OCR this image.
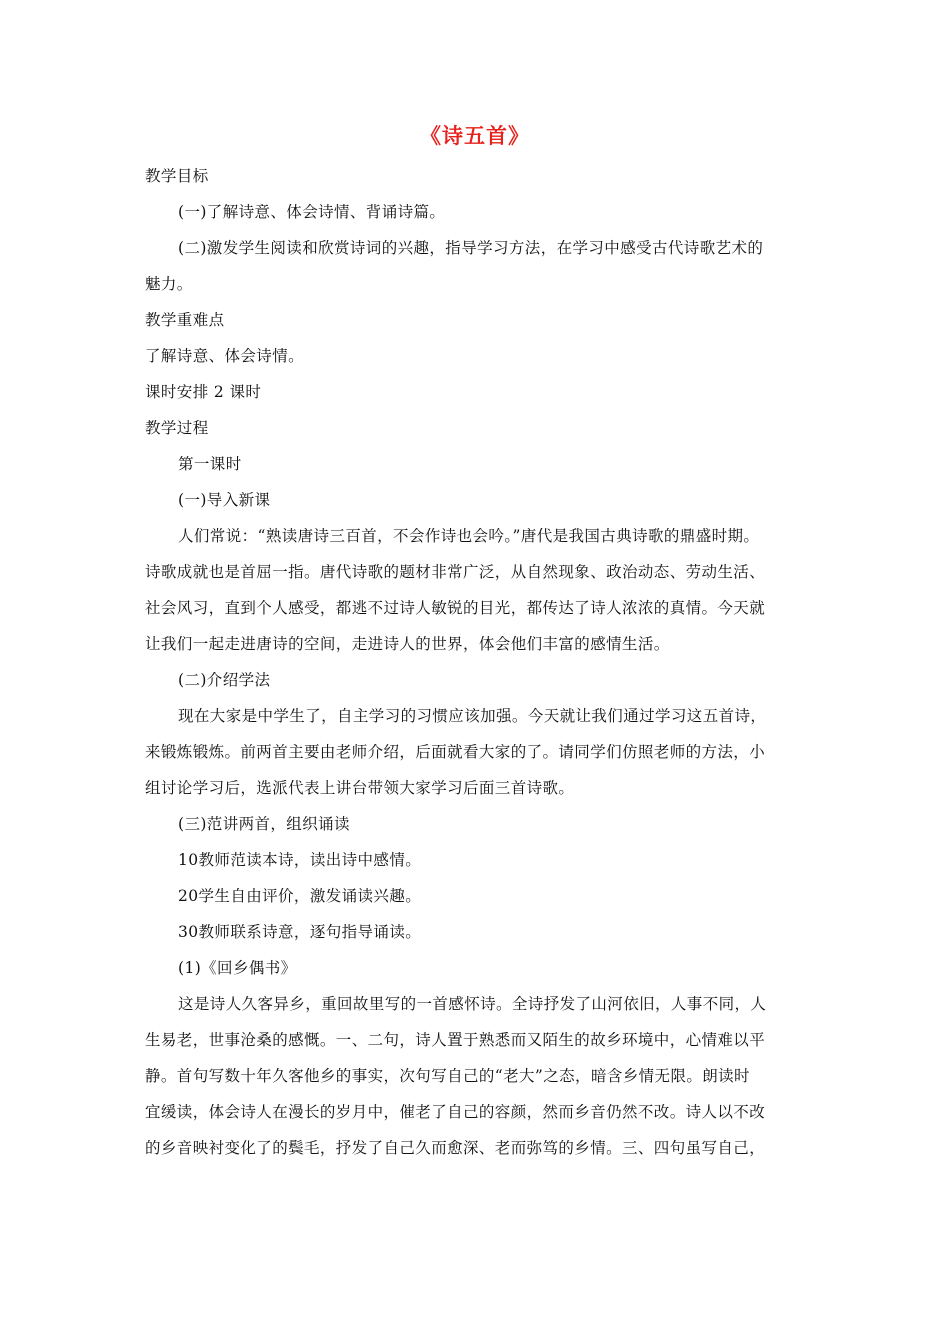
《诗五首》
教学目标
(一)了解诗意、体会诗情、背诵诗篇。
(二)激发学生阅读和欣赏诗词的兴趣，指导学习方法，在学习中感受古代诗歌艺术的
魅力。
教学重难点
了解诗意、体会诗情。
课时安排 2 课时
教学过程
第一课时
(一)导入新课
人们常说：“熟读唐诗三百首，不会作诗也会吟。”唐代是我国古典诗歌的鼎盛时期。
诗歌成就也是首屈一指。唐代诗歌的题材非常广泛，从自然现象、政治动态、劳动生活、
社会风习，直到个人感受，都逃不过诗人敏锐的目光，都传达了诗人浓浓的真情。今天就
让我们一起走进唐诗的空间，走进诗人的世界，体会他们丰富的感情生活。
(二)介绍学法
现在大家是中学生了，自主学习的习惯应该加强。今天就让我们通过学习这五首诗，
来锻炼锻炼。前两首主要由老师介绍，后面就看大家的了。请同学们仿照老师的方法，小
组讨论学习后，选派代表上讲台带领大家学习后面三首诗歌。
(三)范讲两首，组织诵读
10教师范读本诗，读出诗中感情。
20学生自由评价，激发诵读兴趣。
30教师联系诗意，逐句指导诵读。
(1)《回乡偶书》
这是诗人久客异乡，重回故里写的一首感怀诗。全诗抒发了山河依旧，人事不同，人
生易老，世事沧桑的感慨。一、二句，诗人置于熟悉而又陌生的故乡环境中，心情难以平
静。首句写数十年久客他乡的事实，次句写自己的“老大”之态，暗含乡情无限。朗读时
宜缓读，体会诗人在漫长的岁月中，催老了自己的容颜，然而乡音仍然不改。诗人以不改
的乡音映衬变化了的鬓毛，抒发了自己久而愈深、老而弥笃的乡情。三、四句虽写自己，
